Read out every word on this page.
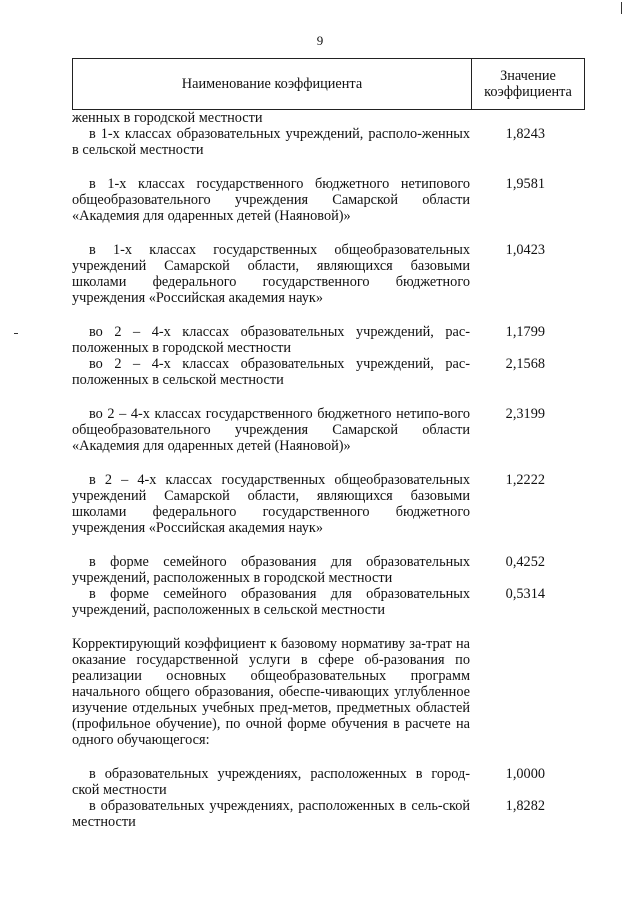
9
Наименование коэффициента	Значение
коэффициента
женных в городской местности
в 1-х классах образовательных учреждений, располо-женных в сельской местности
1,8243
в 1-х классах государственного бюджетного нетипового общеобразовательного учреждения Самарской области «Академия для одаренных детей (Наяновой)»
1,9581
в 1-х классах государственных общеобразовательных учреждений Самарской области, являющихся базовыми школами федерального государственного бюджетного учреждения «Российская академия наук»
1,0423
во 2 – 4-х классах образовательных учреждений, рас-положенных в городской местности
1,1799
во 2 – 4-х классах образовательных учреждений, рас-положенных в сельской местности
2,1568
во 2 – 4-х классах государственного бюджетного нетипо-вого общеобразовательного учреждения Самарской области «Академия для одаренных детей (Наяновой)»
2,3199
в 2 – 4-х классах государственных общеобразовательных учреждений Самарской области, являющихся базовыми школами федерального государственного бюджетного учреждения «Российская академия наук»
1,2222
в форме семейного образования для образовательных учреждений, расположенных в городской местности
0,4252
в форме семейного образования для образовательных учреждений, расположенных в сельской местности
0,5314
Корректирующий коэффициент к базовому нормативу за-трат на оказание государственной услуги в сфере об-разования по реализации основных общеобразовательных программ начального общего образования, обеспе-чивающих углубленное изучение отдельных учебных пред-метов, предметных областей (профильное обучение), по очной форме обучения в расчете на одного обучающегося:
в образовательных учреждениях, расположенных в город-ской местности
1,0000
в образовательных учреждениях, расположенных в сель-ской местности
1,8282
